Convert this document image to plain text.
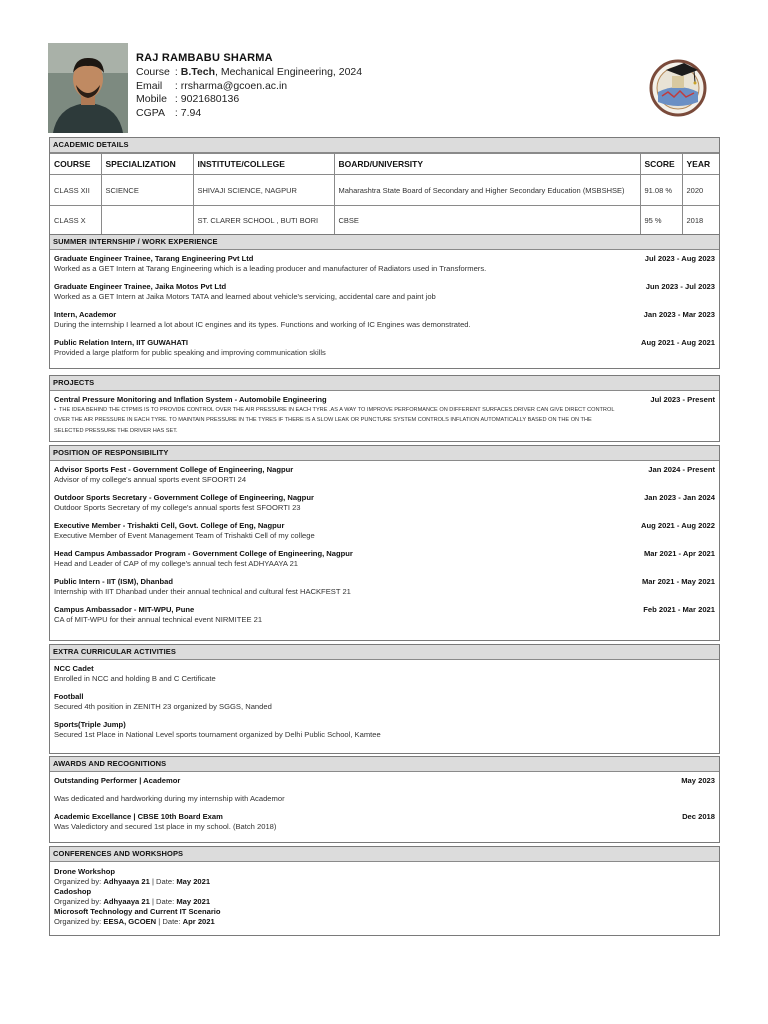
RAJ RAMBABU SHARMA
Course : B.Tech, Mechanical Engineering, 2024
Email : rrsharma@gcoen.ac.in
Mobile : 9021680136
CGPA : 7.94
ACADEMIC DETAILS
COURSE	SPECIALIZATION	INSTITUTE/COLLEGE	BOARD/UNIVERSITY	SCORE	YEAR
CLASS XII	SCIENCE	SHIVAJI SCIENCE, NAGPUR	Maharashtra State Board of Secondary and Higher Secondary Education (MSBSHSE)	91.08 %	2020
CLASS X		ST. CLARER SCHOOL , BUTI BORI	CBSE	95 %	2018
SUMMER INTERNSHIP / WORK EXPERIENCE
Graduate Engineer Trainee, Tarang Engineering Pvt Ltd	Jul 2023 - Aug 2023
Worked as a GET Intern at Tarang Engineering which is a leading producer and manufacturer of Radiators used in Transformers.
Graduate Engineer Trainee, Jaika Motos Pvt Ltd	Jun 2023 - Jul 2023
Worked as a GET Intern at Jaika Motors TATA and learned about vehicle's servicing, accidental care and paint job
Intern, Academor	Jan 2023 - Mar 2023
During the internship I learned a lot about IC engines and its types. Functions and working of IC Engines was demonstrated.
Public Relation Intern, IIT GUWAHATI	Aug 2021 - Aug 2021
Provided a large platform for public speaking and improving communication skills
PROJECTS
Central Pressure Monitoring and Inflation System - Automobile Engineering	Jul 2023 - Present
• THE IDEA BEHIND THE CTPMIS IS TO PROVIDE CONTROL OVER THE AIR PRESSURE IN EACH TYRE .AS A WAY TO IMPROVE PERFORMANCE ON DIFFERENT SURFACES.DRIVER CAN GIVE DIRECT CONTROL
OVER THE AIR PRESSURE IN EACH TYRE. TO MAINTAIN PRESSURE IN THE TYRES IF THERE IS A SLOW LEAK OR PUNCTURE SYSTEM CONTROLS INFLATION AUTOMATICALLY BASED ON THE ON THE
SELECTED PRESSURE THE DRIVER HAS SET.
POSITION OF RESPONSIBILITY
Advisor Sports Fest - Government College of Engineering, Nagpur	Jan 2024 - Present
Advisor of my college's annual sports event SFOORTI 24
Outdoor Sports Secretary - Government College of Engineering, Nagpur	Jan 2023 - Jan 2024
Outdoor Sports Secretary of my college's annual sports fest SFOORTI 23
Executive Member - Trishakti Cell, Govt. College of Eng, Nagpur	Aug 2021 - Aug 2022
Executive Member of Event Management Team of Trishakti Cell of my college
Head Campus Ambassador Program - Government College of Engineering, Nagpur	Mar 2021 - Apr 2021
Head and Leader of CAP of my college's annual tech fest ADHYAAYA 21
Public Intern - IIT (ISM), Dhanbad	Mar 2021 - May 2021
Internship with IIT Dhanbad under their annual technical and cultural fest HACKFEST 21
Campus Ambassador - MIT-WPU, Pune	Feb 2021 - Mar 2021
CA of MIT-WPU for their annual technical event NIRMITEE 21
EXTRA CURRICULAR ACTIVITIES
NCC Cadet
Enrolled in NCC and holding B and C Certificate
Football
Secured 4th position in ZENITH 23 organized by SGGS, Nanded
Sports(Triple Jump)
Secured 1st Place in National Level sports tournament organized by Delhi Public School, Kamtee
AWARDS AND RECOGNITIONS
Outstanding Performer | Academor	May 2023
Was dedicated and hardworking during my internship with Academor
Academic Excellance | CBSE 10th Board Exam	Dec 2018
Was Valedictory and secured 1st place in my school. (Batch 2018)
CONFERENCES AND WORKSHOPS
Drone Workshop
Organized by: Adhyaaya 21 | Date: May 2021
Cadoshop
Organized by: Adhyaaya 21 | Date: May 2021
Microsoft Technology and Current IT Scenario
Organized by: EESA, GCOEN | Date: Apr 2021
